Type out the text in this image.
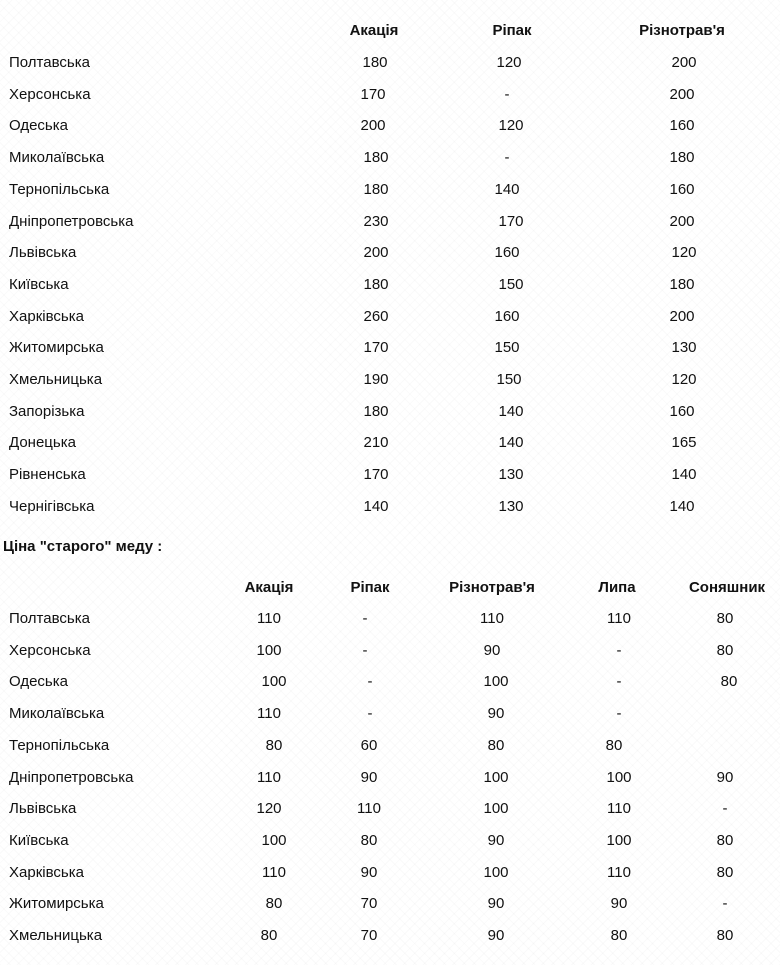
Акація	Ріпак	Різнотрав'я
Полтавська	180	120	200
Херсонська	170	-	200
Одеська	200	120	160
Миколаївська	180	-	180
Тернопільська	180	140	160
Дніпропетровська	230	170	200
Львівська	200	160	120
Київська	180	150	180
Харківська	260	160	200
Житомирська	170	150	130
Хмельницька	190	150	120
Запорізька	180	140	160
Донецька	210	140	165
Рівненська	170	130	140
Чернігівська	140	130	140
Ціна "старого" меду :
Акація	Ріпак	Різнотрав'я	Липа	Соняшник
Полтавська	110	-	110	110	80
Херсонська	100	-	90	-	80
Одеська	100	-	100	-	80
Миколаївська	110	-	90	-
Тернопільська	80	60	80	80
Дніпропетровська	110	90	100	100	90
Львівська	120	110	100	110	-
Київська	100	80	90	100	80
Харківська	110	90	100	110	80
Житомирська	80	70	90	90	-
Хмельницька	80	70	90	80	80
